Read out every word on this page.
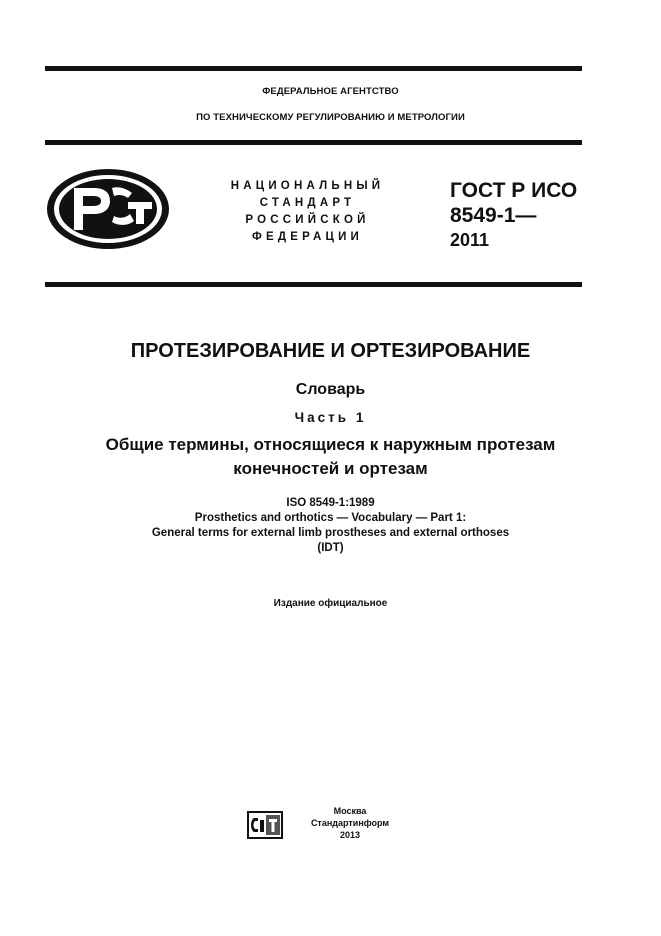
ФЕДЕРАЛЬНОЕ АГЕНТСТВО
ПО ТЕХНИЧЕСКОМУ РЕГУЛИРОВАНИЮ И МЕТРОЛОГИИ
НАЦИОНАЛЬНЫЙ
СТАНДАРТ
РОССИЙСКОЙ
ФЕДЕРАЦИИ
ГОСТ Р ИСО
8549-1—
2011
ПРОТЕЗИРОВАНИЕ И ОРТЕЗИРОВАНИЕ
Словарь
Часть 1
Общие термины, относящиеся к наружным протезам
конечностей и ортезам
ISO 8549-1:1989
Prosthetics and orthotics — Vocabulary — Part 1:
General terms for external limb prostheses and external orthoses
(IDT)
Издание официальное
Москва
Стандартинформ
2013
